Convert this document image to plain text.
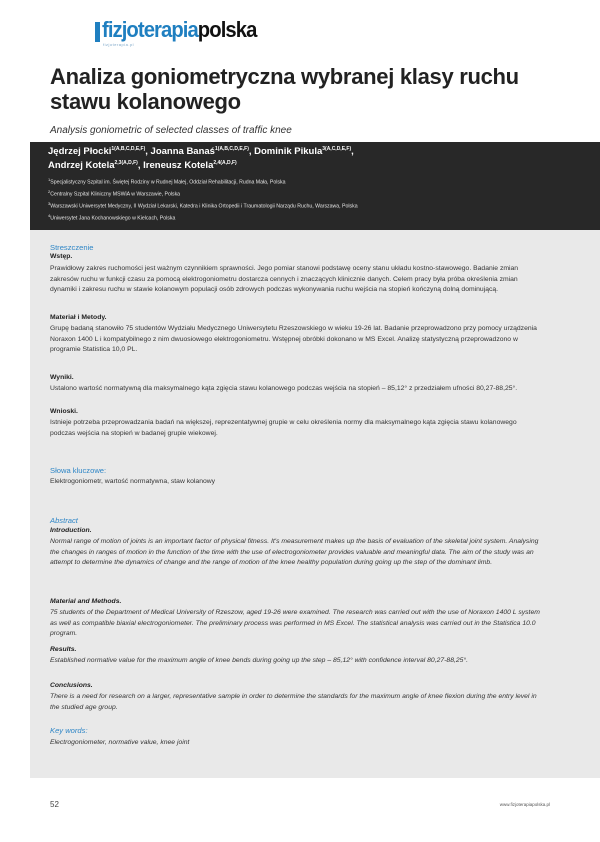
fizjoterapiapolska
fizjoterapia.pl
Analiza goniometryczna wybranej klasy ruchu stawu kolanowego
Analysis goniometric of selected classes of traffic knee
Jędrzej Płocki$^{1(A,B,C,D,E,F)}$, Joanna Banaś$^{1(A,B,C,D,E,F)}$, Dominik Pikula$^{3(A,C,D,E,F)}$,
Andrzej Kotela$^{2,3(A,D,F)}$, Ireneusz Kotela$^{2,4(A,D,F)}$
$^1$Specjalistyczny Szpital im. Świętej Rodziny w Rudnej Małej, Oddział Rehabilitacji, Rudna Mała, Polska
$^2$Centralny Szpital Kliniczny MSWiA w Warszawie, Polska
$^3$Warszawski Uniwersytet Medyczny, II Wydział Lekarski, Katedra i Klinika Ortopedii i Traumatologii Narządu Ruchu, Warszawa, Polska
$^4$Uniwersytet Jana Kochanowskiego w Kielcach, Polska
Streszczenie
Wstęp.

Prawidłowy zakres ruchomości jest ważnym czynnikiem sprawności. Jego pomiar stanowi podstawę oceny stanu układu kostno-stawowego. Badanie zmian zakresów ruchu w funkcji czasu za pomocą elektrogoniometru dostarcza cennych i znaczących klinicznie danych. Celem pracy była próba określenia zmian dynamiki i zakresu ruchu w stawie kolanowym populacji osób zdrowych podczas wykonywania ruchu wejścia na stopień kończyną dolną dominującą.

Materiał i Metody.

Grupę badaną stanowiło 75 studentów Wydziału Medycznego Uniwersytetu Rzeszowskiego w wieku 19-26 lat. Badanie przeprowadzono przy pomocy urządzenia Noraxon 1400 L i kompatybilnego z nim dwuosiowego elektrogoniometru. Wstępnej obróbki dokonano w MS Excel. Analizę statystyczną przeprowadzono w programie Statistica 10,0 PL.

Wyniki.

Ustalono wartość normatywną dla maksymalnego kąta zgięcia stawu kolanowego podczas wejścia na stopień – 85,12° z przedziałem ufności 80,27-88,25°.

Wnioski.

Istnieje potrzeba przeprowadzania badań na większej, reprezentatywnej grupie w celu określenia normy dla maksymalnego kąta zgięcia stawu kolanowego podczas wejścia na stopień w badanej grupie wiekowej.

Słowa kluczowe:

Elektrogoniometr, wartość normatywna, staw kolanowy

Abstract
Introduction.

Normal range of motion of joints is an important factor of physical fitness. It's measurement makes up the basis of evaluation of the skeletal joint system. Analysing the changes in ranges of motion in the function of the time with the use of electrogoniometer provides valuable and meaningful data. The aim of the study was an attempt to determine the dynamics of change and the range of motion of the knee healthy population during going up the step of the dominant limb.

Material and Methods.

75 students of the Department of Medical University of Rzeszow, aged 19-26 were examined. The research was carried out with the use of Noraxon 1400 L system as well as compatible biaxial electrogoniometer. The preliminary process was performed in MS Excel. The statistical analysis was carried out in the Statistica 10.0 program.

Results.

Established normative value for the maximum angle of knee bends during going up the step – 85,12° with confidence interval 80,27-88,25°.

Conclusions.

There is a need for research on a larger, representative sample in order to determine the standards for the maximum angle of knee flexion during the entry level in the studied age group.

Key words:

Electrogoniometer, normative value, knee joint

52	www.fizjoterapiapolska.pl
